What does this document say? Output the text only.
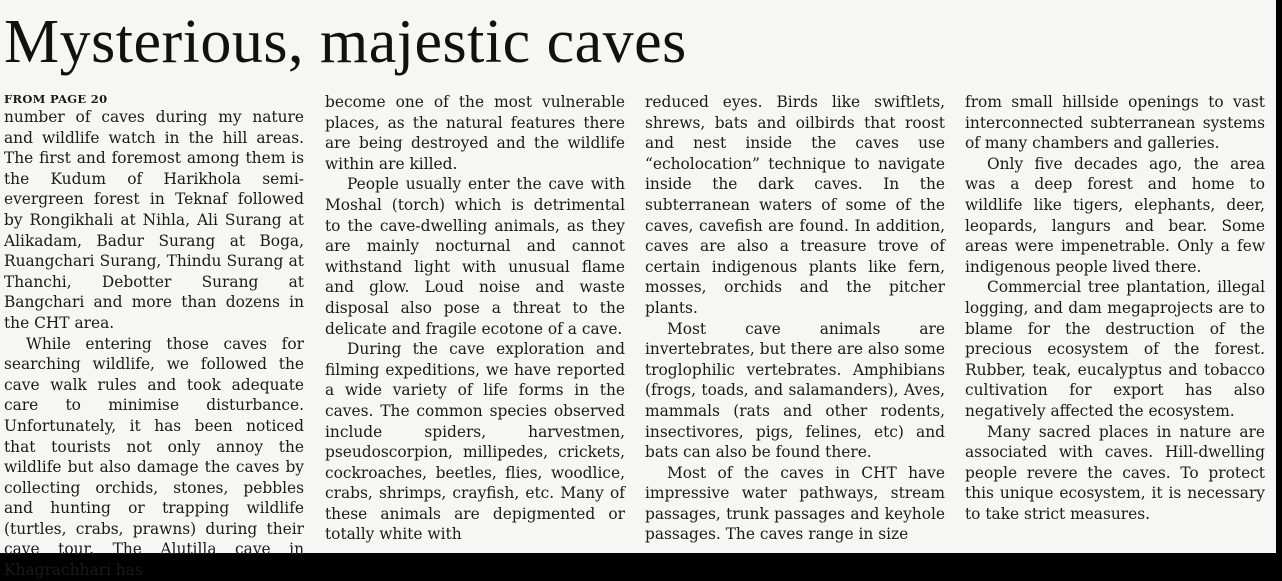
Mysterious, majestic caves
FROM PAGE 20

number of caves during my nature and wildlife watch in the hill areas. The first and foremost among them is the Kudum of Harikhola semi-evergreen forest in Teknaf followed by Rongikhali at Nihla, Ali Surang at Alikadam, Badur Surang at Boga, Ruangchari Surang, Thindu Surang at Thanchi, Debotter Surang at Bangchari and more than dozens in the CHT area.

While entering those caves for searching wildlife, we followed the cave walk rules and took adequate care to minimise disturbance. Unfortunately, it has been noticed that tourists not only annoy the wildlife but also damage the caves by collecting orchids, stones, pebbles and hunting or trapping wildlife (turtles, crabs, prawns) during their cave tour. The Alutilla cave in Khagrachhari has

become one of the most vulnerable places, as the natural features there are being destroyed and the wildlife within are killed.

People usually enter the cave with Moshal (torch) which is detrimental to the cave-dwelling animals, as they are mainly nocturnal and cannot withstand light with unusual flame and glow. Loud noise and waste disposal also pose a threat to the delicate and fragile ecotone of a cave.

During the cave exploration and filming expeditions, we have reported a wide variety of life forms in the caves. The common species observed include spiders, harvestmen, pseudoscorpion, millipedes, crickets, cockroaches, beetles, flies, woodlice, crabs, shrimps, crayfish, etc. Many of these animals are depigmented or totally white with

reduced eyes. Birds like swiftlets, shrews, bats and oilbirds that roost and nest inside the caves use “echolocation” technique to navigate inside the dark caves. In the subterranean waters of some of the caves, cavefish are found. In addition, caves are also a treasure trove of certain indigenous plants like fern, mosses, orchids and the pitcher plants.

Most cave animals are invertebrates, but there are also some troglophilic vertebrates. Amphibians (frogs, toads, and salamanders), Aves, mammals (rats and other rodents, insectivores, pigs, felines, etc) and bats can also be found there.

Most of the caves in CHT have impressive water pathways, stream passages, trunk passages and keyhole passages. The caves range in size

from small hillside openings to vast interconnected subterranean systems of many chambers and galleries.

Only five decades ago, the area was a deep forest and home to wildlife like tigers, elephants, deer, leopards, langurs and bear. Some areas were impenetrable. Only a few indigenous people lived there.

Commercial tree plantation, illegal logging, and dam megaprojects are to blame for the destruction of the precious ecosystem of the forest. Rubber, teak, eucalyptus and tobacco cultivation for export has also negatively affected the ecosystem.

Many sacred places in nature are associated with caves. Hill-dwelling people revere the caves. To protect this unique ecosystem, it is necessary to take strict measures.
